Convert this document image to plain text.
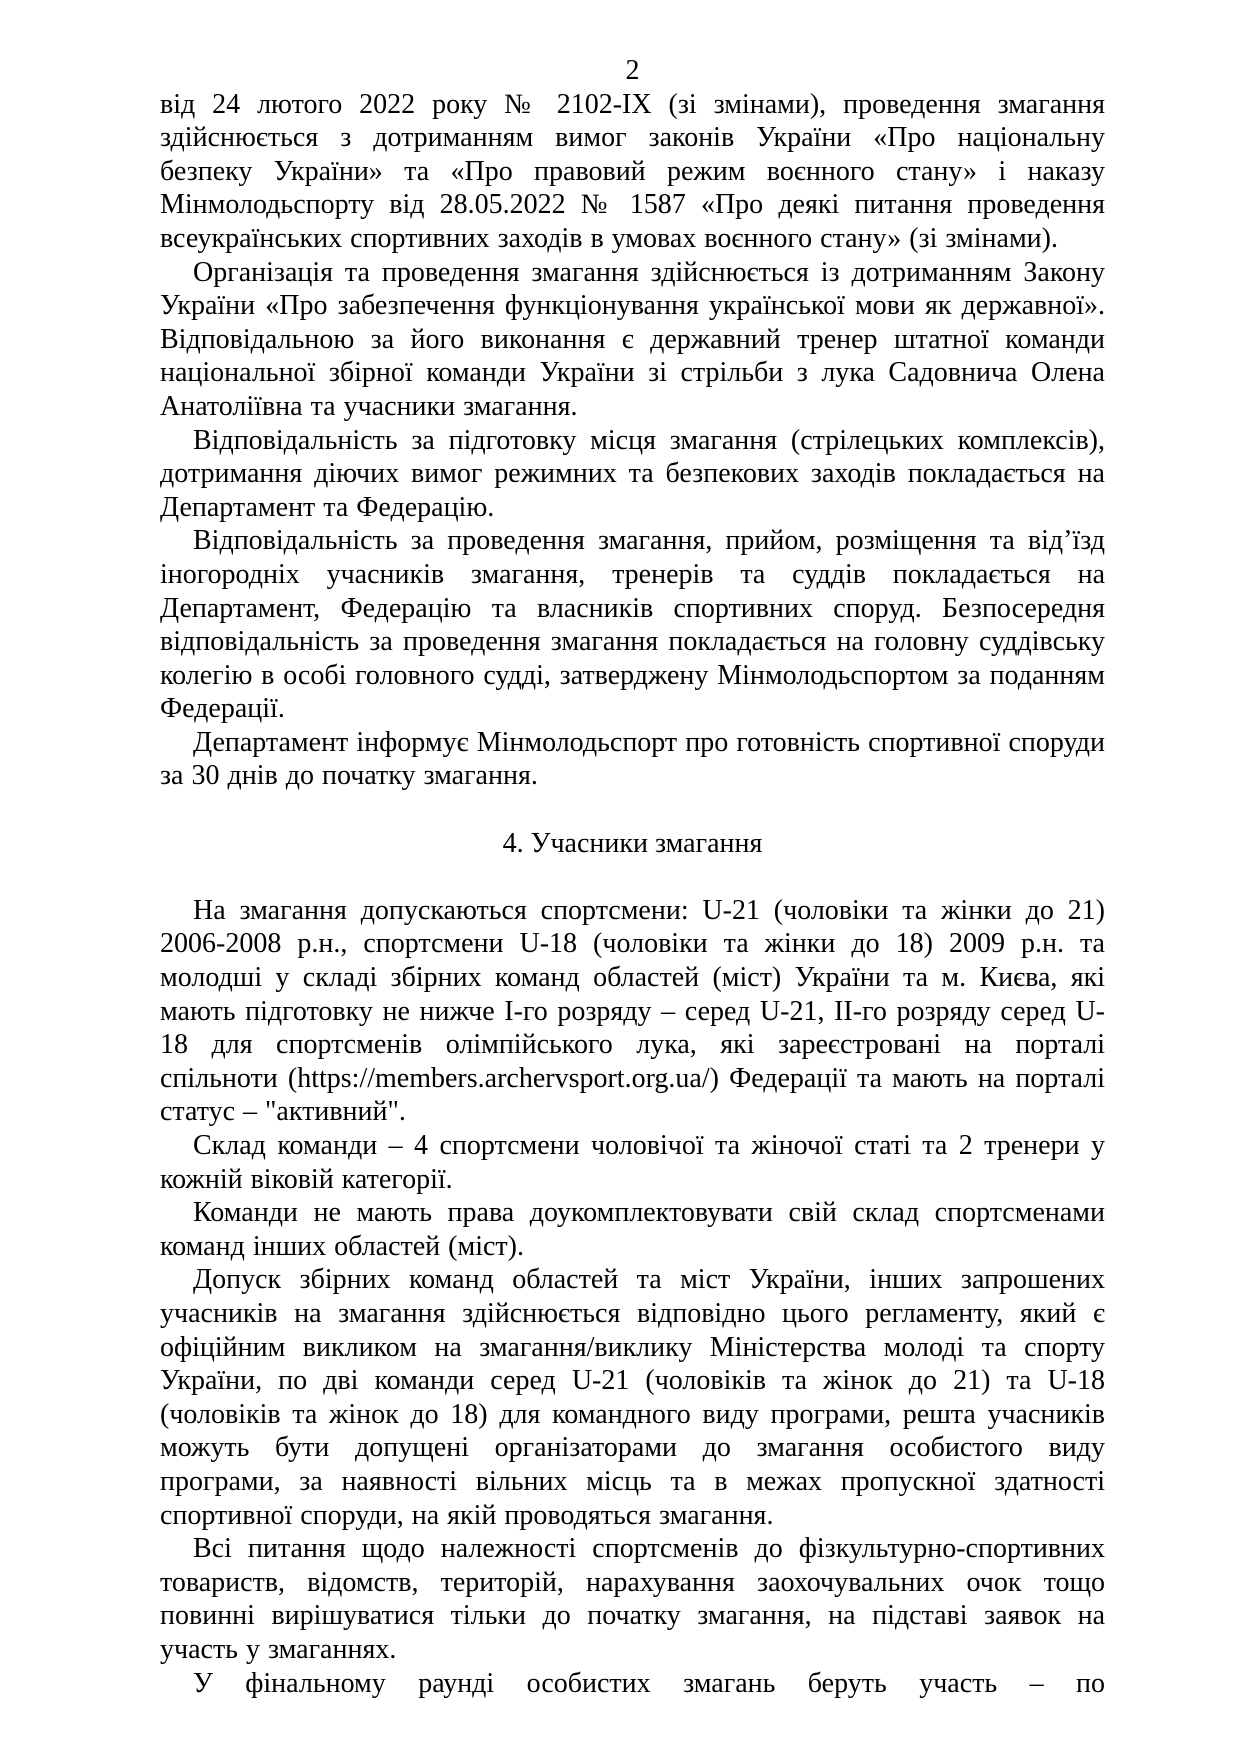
2

від 24 лютого 2022 року № 2102-IX (зі змінами), проведення змагання здійснюється з дотриманням вимог законів України «Про національну безпеку України» та «Про правовий режим воєнного стану» і наказу Мінмолодьспорту від 28.05.2022 № 1587 «Про деякі питання проведення всеукраїнських спортивних заходів в умовах воєнного стану» (зі змінами).

Організація та проведення змагання здійснюється із дотриманням Закону України «Про забезпечення функціонування української мови як державної». Відповідальною за його виконання є державний тренер штатної команди національної збірної команди України зі стрільби з лука Садовнича Олена Анатоліївна та учасники змагання.

Відповідальність за підготовку місця змагання (стрілецьких комплексів), дотримання діючих вимог режимних та безпекових заходів покладається на Департамент та Федерацію.

Відповідальність за проведення змагання, прийом, розміщення та від’їзд іногородніх учасників змагання, тренерів та суддів покладається на Департамент, Федерацію та власників спортивних споруд. Безпосередня відповідальність за проведення змагання покладається на головну суддівську колегію в особі головного судді, затверджену Мінмолодьспортом за поданням Федерації.

Департамент інформує Мінмолодьспорт про готовність спортивної споруди за 30 днів до початку змагання.

4. Учасники змагання

На змагання допускаються спортсмени: U-21 (чоловіки та жінки до 21) 2006-2008 р.н., спортсмени U-18 (чоловіки та жінки до 18) 2009 р.н. та молодші у складі збірних команд областей (міст) України та м. Києва, які мають підготовку не нижче І-го розряду – серед U-21, ІІ-го розряду серед U-18 для спортсменів олімпійського лука, які зареєстровані на порталі спільноти (https://members.archervsport.org.ua/) Федерації та мають на порталі статус – "активний".

Склад команди – 4 спортсмени чоловічої та жіночої статі та 2 тренери у кожній віковій категорії.

Команди не мають права доукомплектовувати свій склад спортсменами команд інших областей (міст).

Допуск збірних команд областей та міст України, інших запрошених учасників на змагання здійснюється відповідно цього регламенту, який є офіційним викликом на змагання/виклику Міністерства молоді та спорту України, по дві команди серед U-21 (чоловіків та жінок до 21) та U-18 (чоловіків та жінок до 18) для командного виду програми, решта учасників можуть бути допущені організаторами до змагання особистого виду програми, за наявності вільних місць та в межах пропускної здатності спортивної споруди, на якій проводяться змагання.

Всі питання щодо належності спортсменів до фізкультурно-спортивних товариств, відомств, територій, нарахування заохочувальних очок тощо повинні вирішуватися тільки до початку змагання, на підставі заявок на участь у змаганнях.

У фінальному раунді особистих змагань беруть участь – по
